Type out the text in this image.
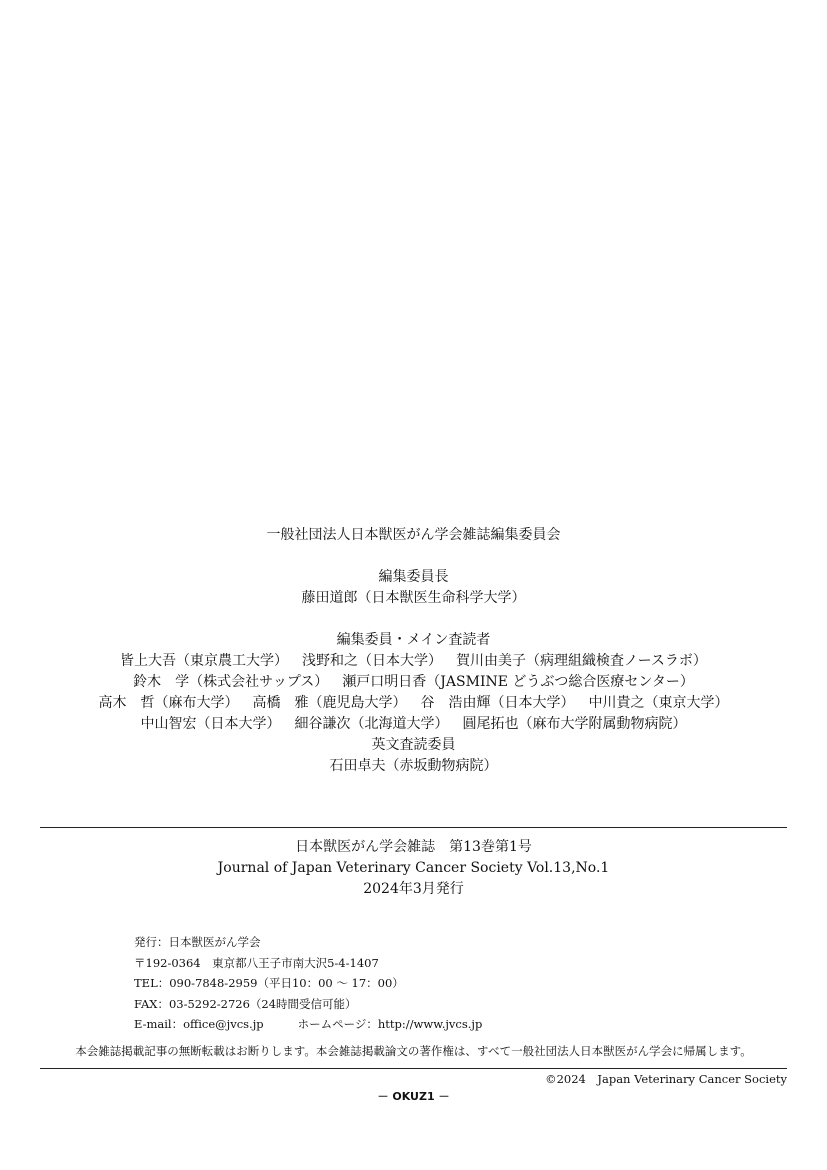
一般社団法人日本獣医がん学会雑誌編集委員会
編集委員長
藤田道郎（日本獣医生命科学大学）
編集委員・メイン査読者
皆上大吾（東京農工大学） 浅野和之（日本大学） 賀川由美子（病理組織検査ノースラボ）
鈴木　学（株式会社サップス） 瀬戸口明日香（JASMINE どうぶつ総合医療センター）
高木　哲（麻布大学） 高橋　雅（鹿児島大学） 谷　浩由輝（日本大学） 中川貴之（東京大学）
中山智宏（日本大学） 細谷謙次（北海道大学） 圓尾拓也（麻布大学附属動物病院）
英文査読委員
石田卓夫（赤坂動物病院）
日本獣医がん学会雑誌　第13巻第1号
Journal of Japan Veterinary Cancer Society Vol.13,No.1
2024年3月発行
発行：日本獣医がん学会
〒192-0364　東京都八王子市南大沢5-4-1407
TEL：090-7848-2959（平日10：00 ～ 17：00）
FAX：03-5292-2726（24時間受信可能）
E-mail：office@jvcs.jp	ホームページ：http://www.jvcs.jp
本会雑誌掲載記事の無断転載はお断りします。本会雑誌掲載論文の著作権は、すべて一般社団法人日本獣医がん学会に帰属します。
©2024　Japan Veterinary Cancer Society
－ OKUZ1 －
